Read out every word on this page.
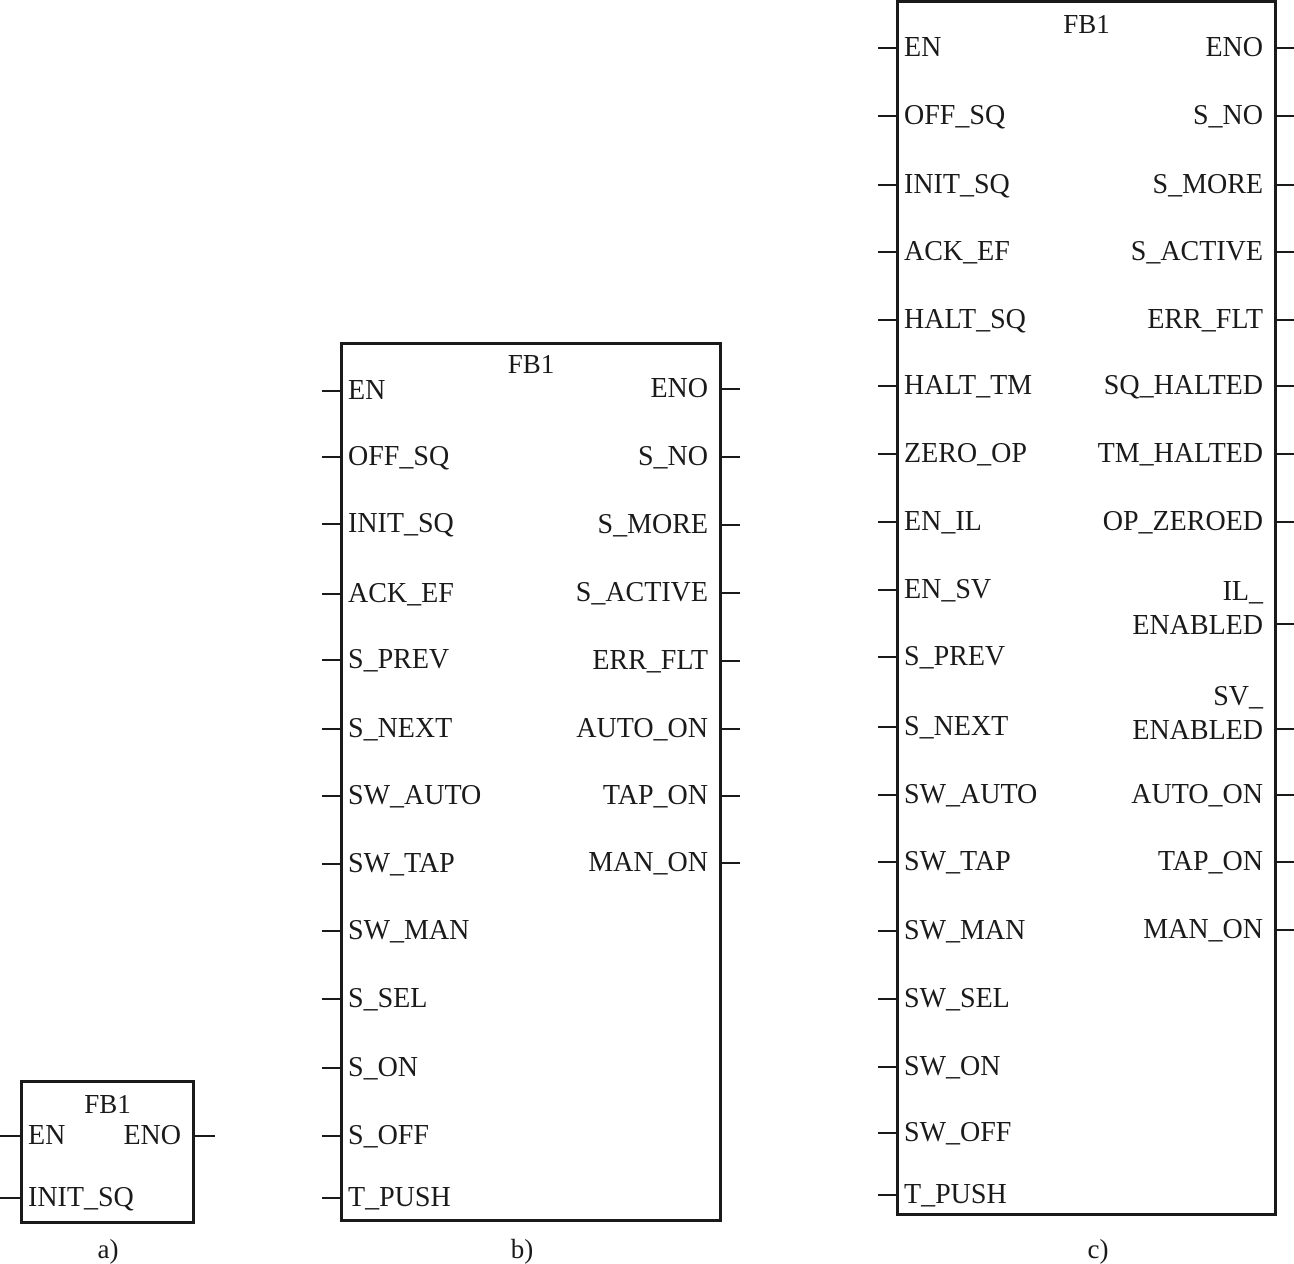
FB1
a)
FB1
b)
FB1
c)
EN
INIT_SQ
ENO
EN
OFF_SQ
INIT_SQ
ACK_EF
S_PREV
S_NEXT
SW_AUTO
SW_TAP
SW_MAN
S_SEL
S_ON
S_OFF
T_PUSH
ENO
S_NO
S_MORE
S_ACTIVE
ERR_FLT
AUTO_ON
TAP_ON
MAN_ON
EN
OFF_SQ
INIT_SQ
ACK_EF
HALT_SQ
HALT_TM
ZERO_OP
EN_IL
EN_SV
S_PREV
S_NEXT
SW_AUTO
SW_TAP
SW_MAN
SW_SEL
SW_ON
SW_OFF
T_PUSH
ENO
S_NO
S_MORE
S_ACTIVE
ERR_FLT
SQ_HALTED
TM_HALTED
OP_ZEROED
IL_
ENABLED
SV_
ENABLED
AUTO_ON
TAP_ON
MAN_ON
